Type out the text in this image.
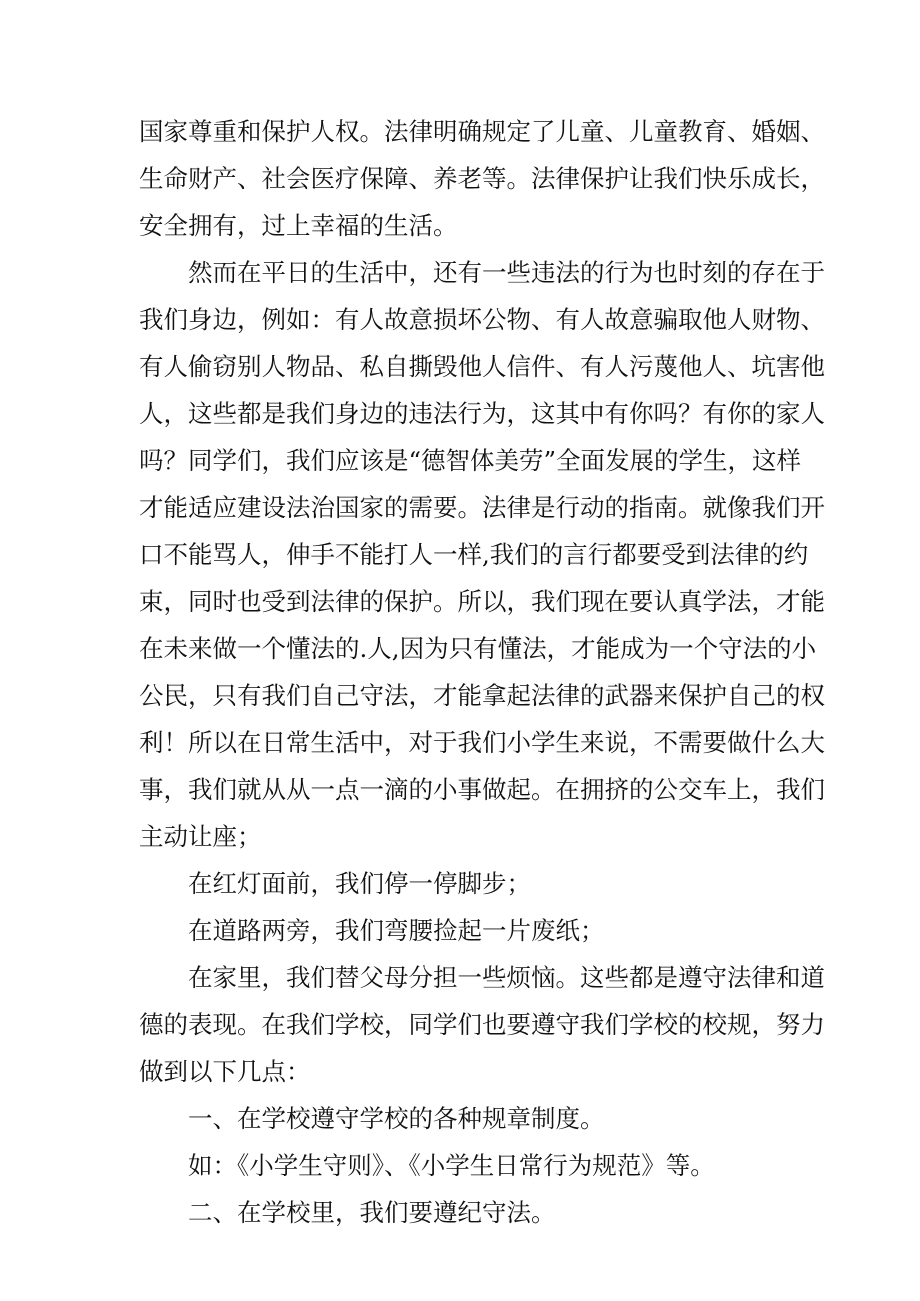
国家尊重和保护人权。法律明确规定了儿童、儿童教育、婚姻、
生命财产、社会医疗保障、养老等。法律保护让我们快乐成长，
安全拥有，过上幸福的生活。
然而在平日的生活中，还有一些违法的行为也时刻的存在于
我们身边，例如：有人故意损坏公物、有人故意骗取他人财物、
有人偷窃别人物品、私自撕毁他人信件、有人污蔑他人、坑害他
人，这些都是我们身边的违法行为，这其中有你吗？有你的家人
吗？同学们，我们应该是“德智体美劳”全面发展的学生，这样
才能适应建设法治国家的需要。法律是行动的指南。就像我们开
口不能骂人，伸手不能打人一样,我们的言行都要受到法律的约
束，同时也受到法律的保护。所以，我们现在要认真学法，才能
在未来做一个懂法的.人,因为只有懂法，才能成为一个守法的小
公民，只有我们自己守法，才能拿起法律的武器来保护自己的权
利！所以在日常生活中，对于我们小学生来说，不需要做什么大
事，我们就从从一点一滴的小事做起。在拥挤的公交车上，我们
主动让座；
在红灯面前，我们停一停脚步；
在道路两旁，我们弯腰捡起一片废纸；
在家里，我们替父母分担一些烦恼。这些都是遵守法律和道
德的表现。在我们学校，同学们也要遵守我们学校的校规，努力
做到以下几点：
一、在学校遵守学校的各种规章制度。
如：《小学生守则》、《小学生日常行为规范》等。
二、在学校里，我们要遵纪守法。
